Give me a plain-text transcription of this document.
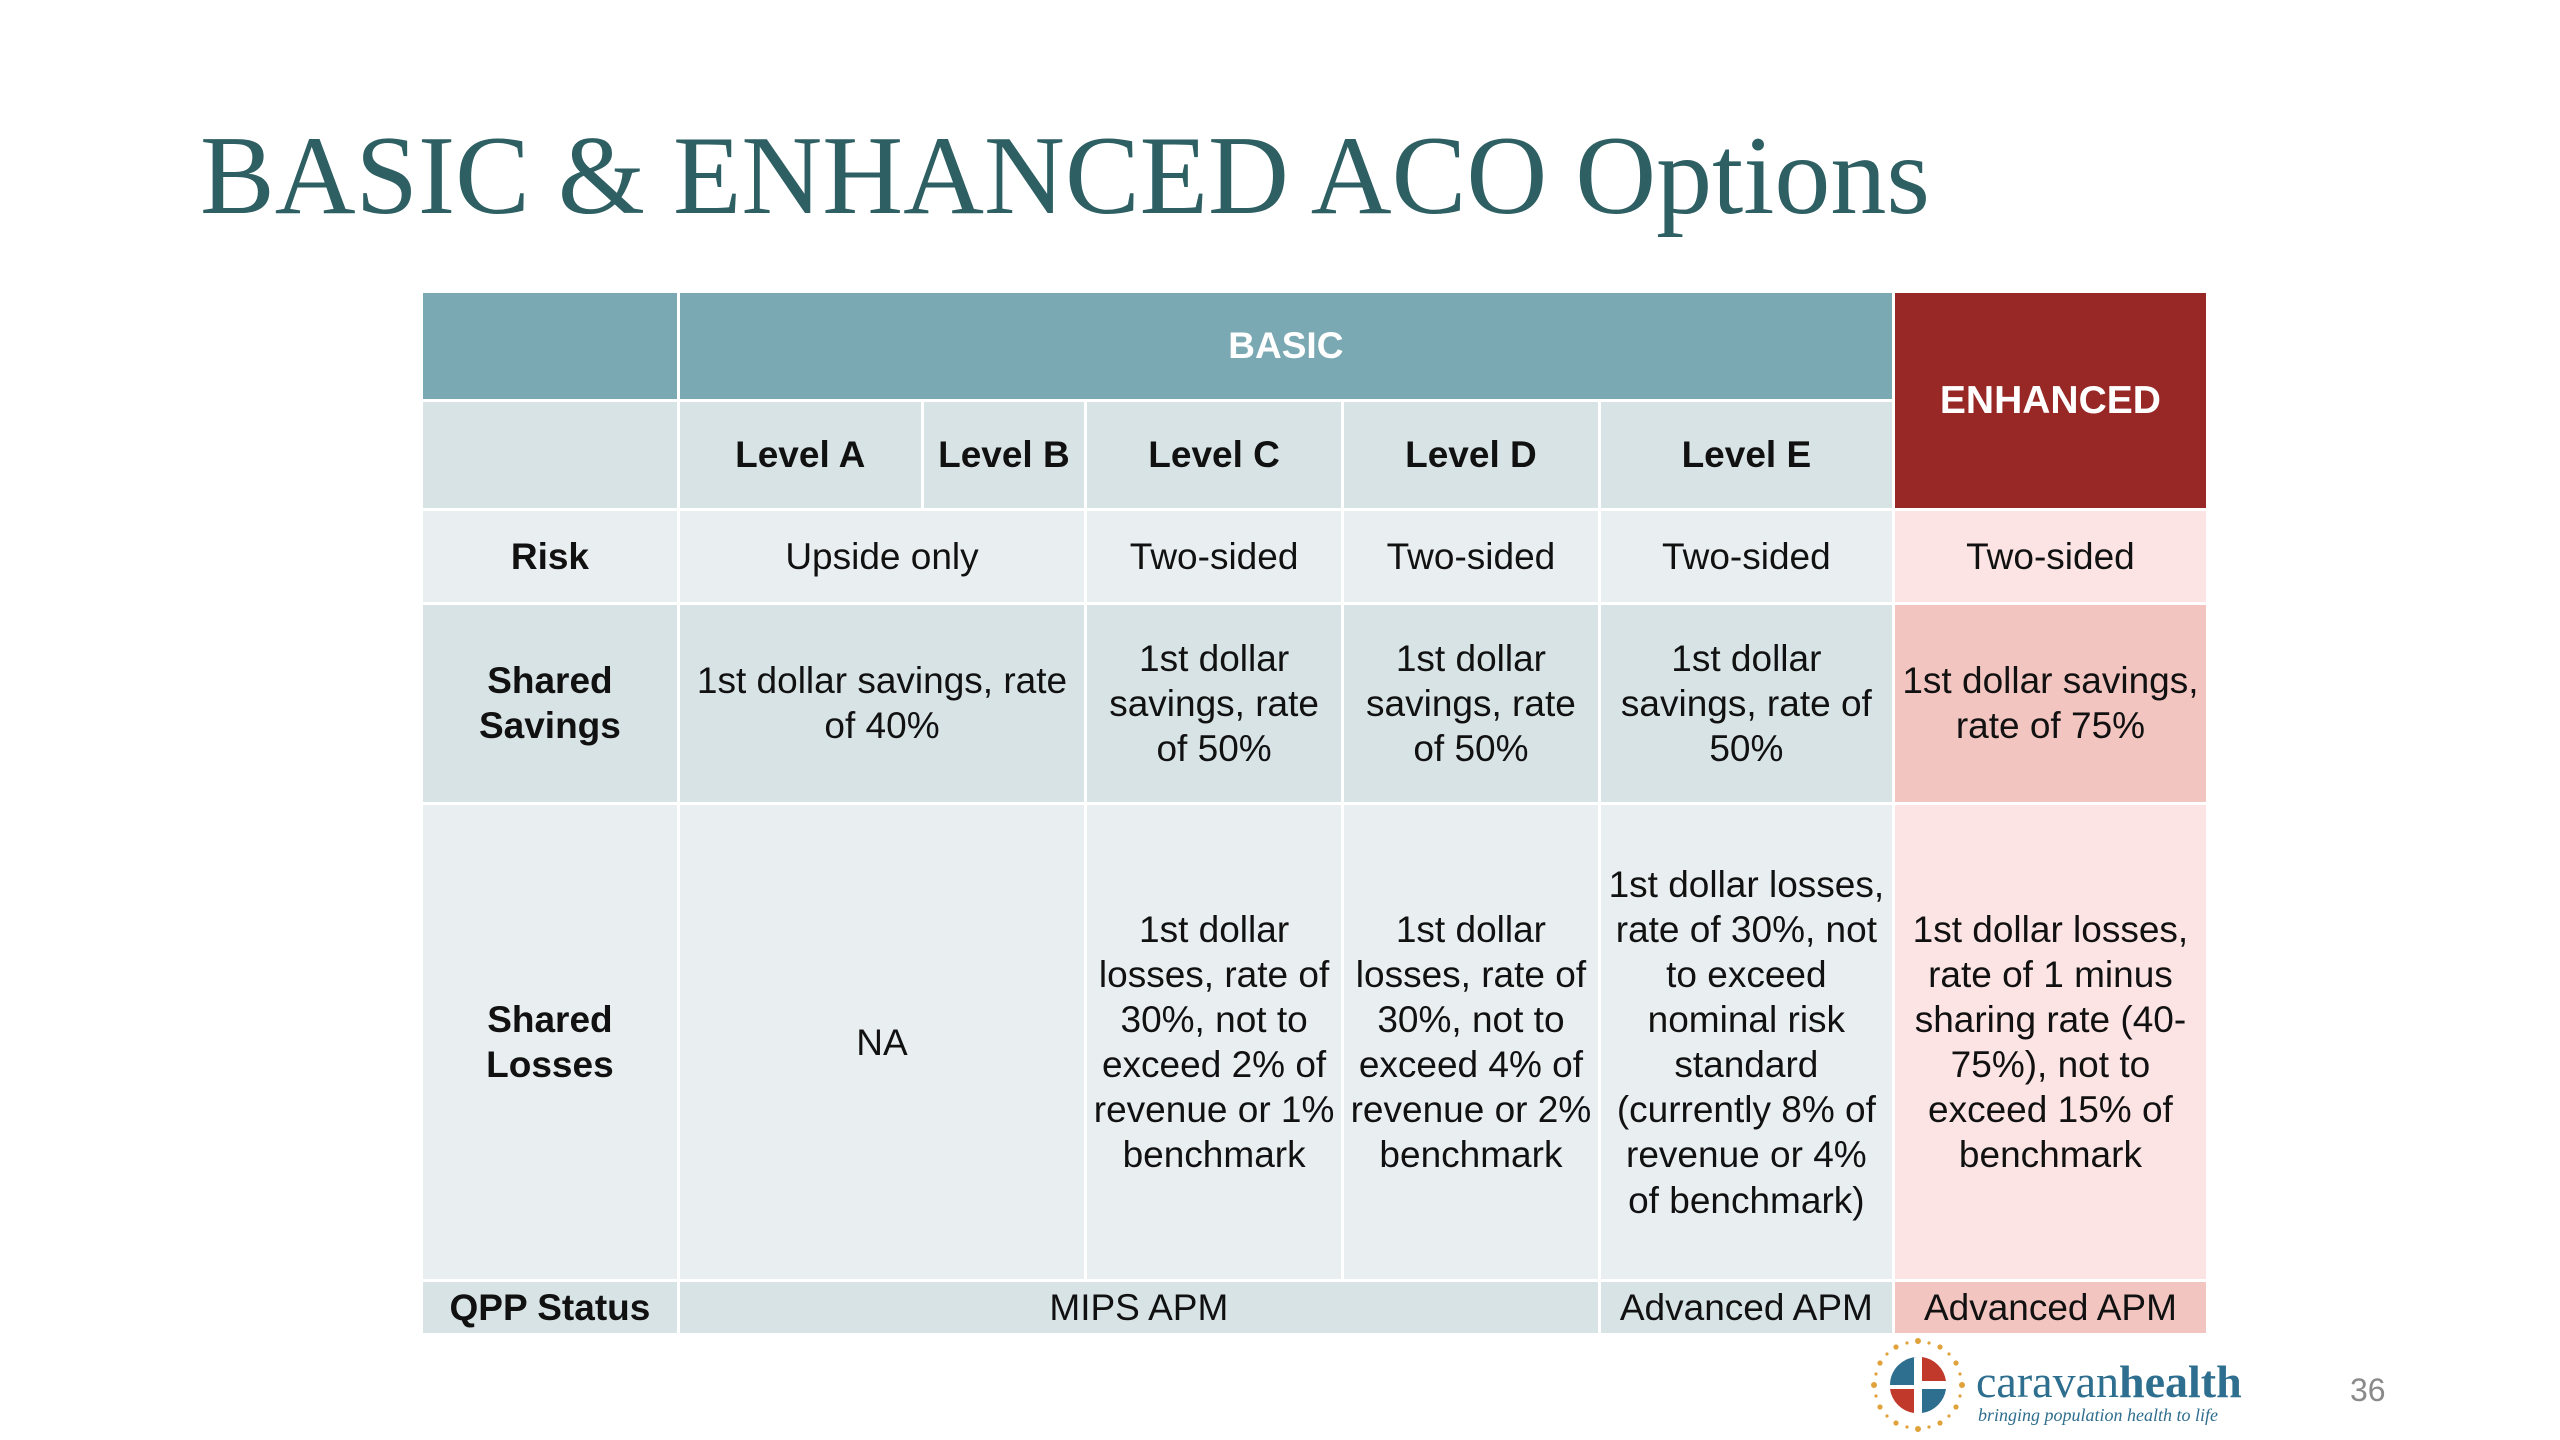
BASIC & ENHANCED ACO Options
	BASIC					ENHANCED
	Level A	Level B	Level C	Level D	Level E	
Risk	Upside only		Two-sided	Two-sided	Two-sided	Two-sided

Shared
Savings	1st dollar savings, rate of 40%		1st dollar savings, rate of 50%	1st dollar savings, rate of 50%	1st dollar savings, rate of 50%	1st dollar savings, rate of 75%

Shared
Losses	NA		1st dollar losses, rate of 30%, not to exceed 2% of revenue or 1% benchmark	1st dollar losses, rate of 30%, not to exceed 4% of revenue or 2% benchmark	1st dollar losses, rate of 30%, not to exceed nominal risk standard (currently 8% of revenue or 4% of benchmark)	1st dollar losses, rate of 1 minus sharing rate (40-75%), not to exceed 15% of benchmark
QPP Status	MIPS APM				Advanced APM	Advanced APM
caravanhealth
bringing population health to life
36
